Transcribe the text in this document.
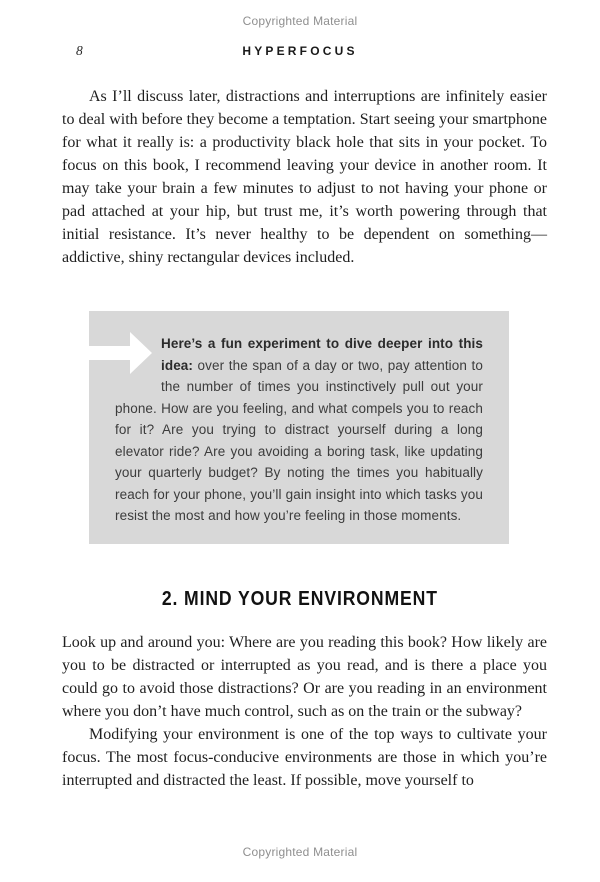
Copyrighted Material
8	HYPERFOCUS

As I’ll discuss later, distractions and interruptions are infinitely easier to deal with before they become a temptation. Start seeing your smartphone for what it really is: a productivity black hole that sits in your pocket. To focus on this book, I recommend leaving your device in another room. It may take your brain a few minutes to adjust to not having your phone or pad attached at your hip, but trust me, it’s worth powering through that initial resistance. It’s never healthy to be dependent on something—addictive, shiny rectangular devices included.

Here’s a fun experiment to dive deeper into this idea: over the span of a day or two, pay attention to the number of times you instinctively pull out your phone. How are you feeling, and what compels you to reach for it? Are you trying to distract yourself during a long elevator ride? Are you avoiding a boring task, like updating your quarterly budget? By noting the times you habitually reach for your phone, you’ll gain insight into which tasks you resist the most and how you’re feeling in those moments.
2. MIND YOUR ENVIRONMENT

Look up and around you: Where are you reading this book? How likely are you to be distracted or interrupted as you read, and is there a place you could go to avoid those distractions? Or are you reading in an environment where you don’t have much control, such as on the train or the subway?

Modifying your environment is one of the top ways to cultivate your focus. The most focus-conducive environments are those in which you’re interrupted and distracted the least. If possible, move yourself to

Copyrighted Material
